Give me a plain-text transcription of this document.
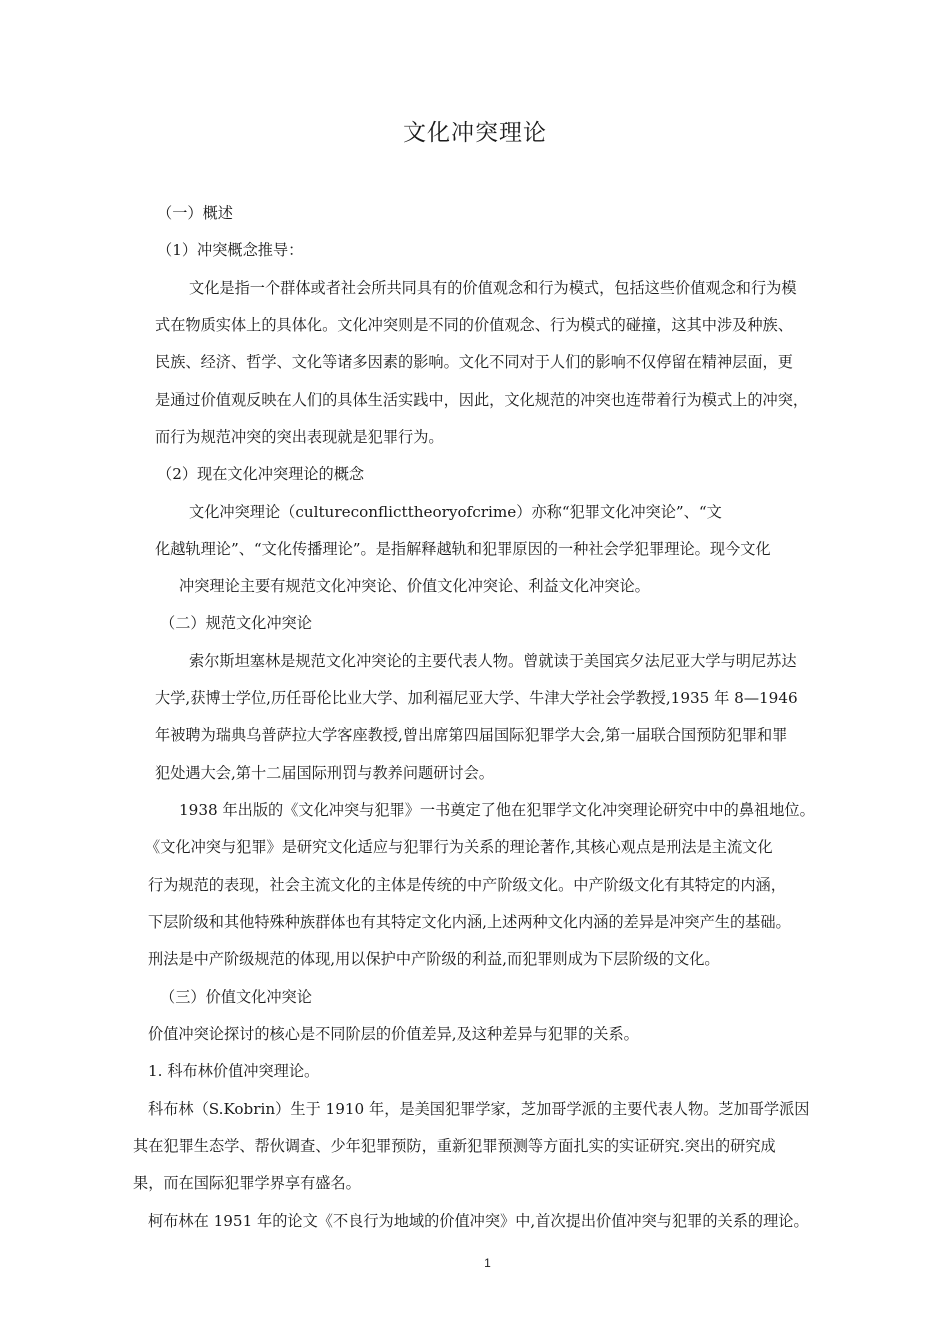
文化冲突理论
（一）概述
（1）冲突概念推导：
文化是指一个群体或者社会所共同具有的价值观念和行为模式，包括这些价值观念和行为模
式在物质实体上的具体化。文化冲突则是不同的价值观念、行为模式的碰撞，这其中涉及种族、
民族、经济、哲学、文化等诸多因素的影响。文化不同对于人们的影响不仅停留在精神层面，更
是通过价值观反映在人们的具体生活实践中，因此，文化规范的冲突也连带着行为模式上的冲突，
而行为规范冲突的突出表现就是犯罪行为。
（2）现在文化冲突理论的概念
文化冲突理论（cultureconflicttheoryofcrime）亦称“犯罪文化冲突论”、“文
化越轨理论”、“文化传播理论”。是指解释越轨和犯罪原因的一种社会学犯罪理论。现今文化
冲突理论主要有规范文化冲突论、价值文化冲突论、利益文化冲突论。
（二）规范文化冲突论
索尔斯坦塞林是规范文化冲突论的主要代表人物。曾就读于美国宾夕法尼亚大学与明尼苏达
大学,获博士学位,历任哥伦比业大学、加利福尼亚大学、牛津大学社会学教授,1935 年 8—1946
年被聘为瑞典乌普萨拉大学客座教授,曾出席第四届国际犯罪学大会,第一届联合国预防犯罪和罪
犯处遇大会,第十二届国际刑罚与教养问题研讨会。
1938 年出版的《文化冲突与犯罪》一书奠定了他在犯罪学文化冲突理论研究中中的鼻祖地位。
《文化冲突与犯罪》是研究文化适应与犯罪行为关系的理论著作,其核心观点是刑法是主流文化
行为规范的表现，社会主流文化的主体是传统的中产阶级文化。中产阶级文化有其特定的内涵，
下层阶级和其他特殊种族群体也有其特定文化内涵,上述两种文化内涵的差异是冲突产生的基础。
刑法是中产阶级规范的体现,用以保护中产阶级的利益,而犯罪则成为下层阶级的文化。
（三）价值文化冲突论
价值冲突论探讨的核心是不同阶层的价值差异,及这种差异与犯罪的关系。
1. 科布林价值冲突理论。
科布林（S.Kobrin）生于 1910 年，是美国犯罪学家，芝加哥学派的主要代表人物。芝加哥学派因
其在犯罪生态学、帮伙调查、少年犯罪预防，重新犯罪预测等方面扎实的实证研究.突出的研究成
果，而在国际犯罪学界享有盛名。
柯布林在 1951 年的论文《不良行为地域的价值冲突》中,首次提出价值冲突与犯罪的关系的理论。
1
